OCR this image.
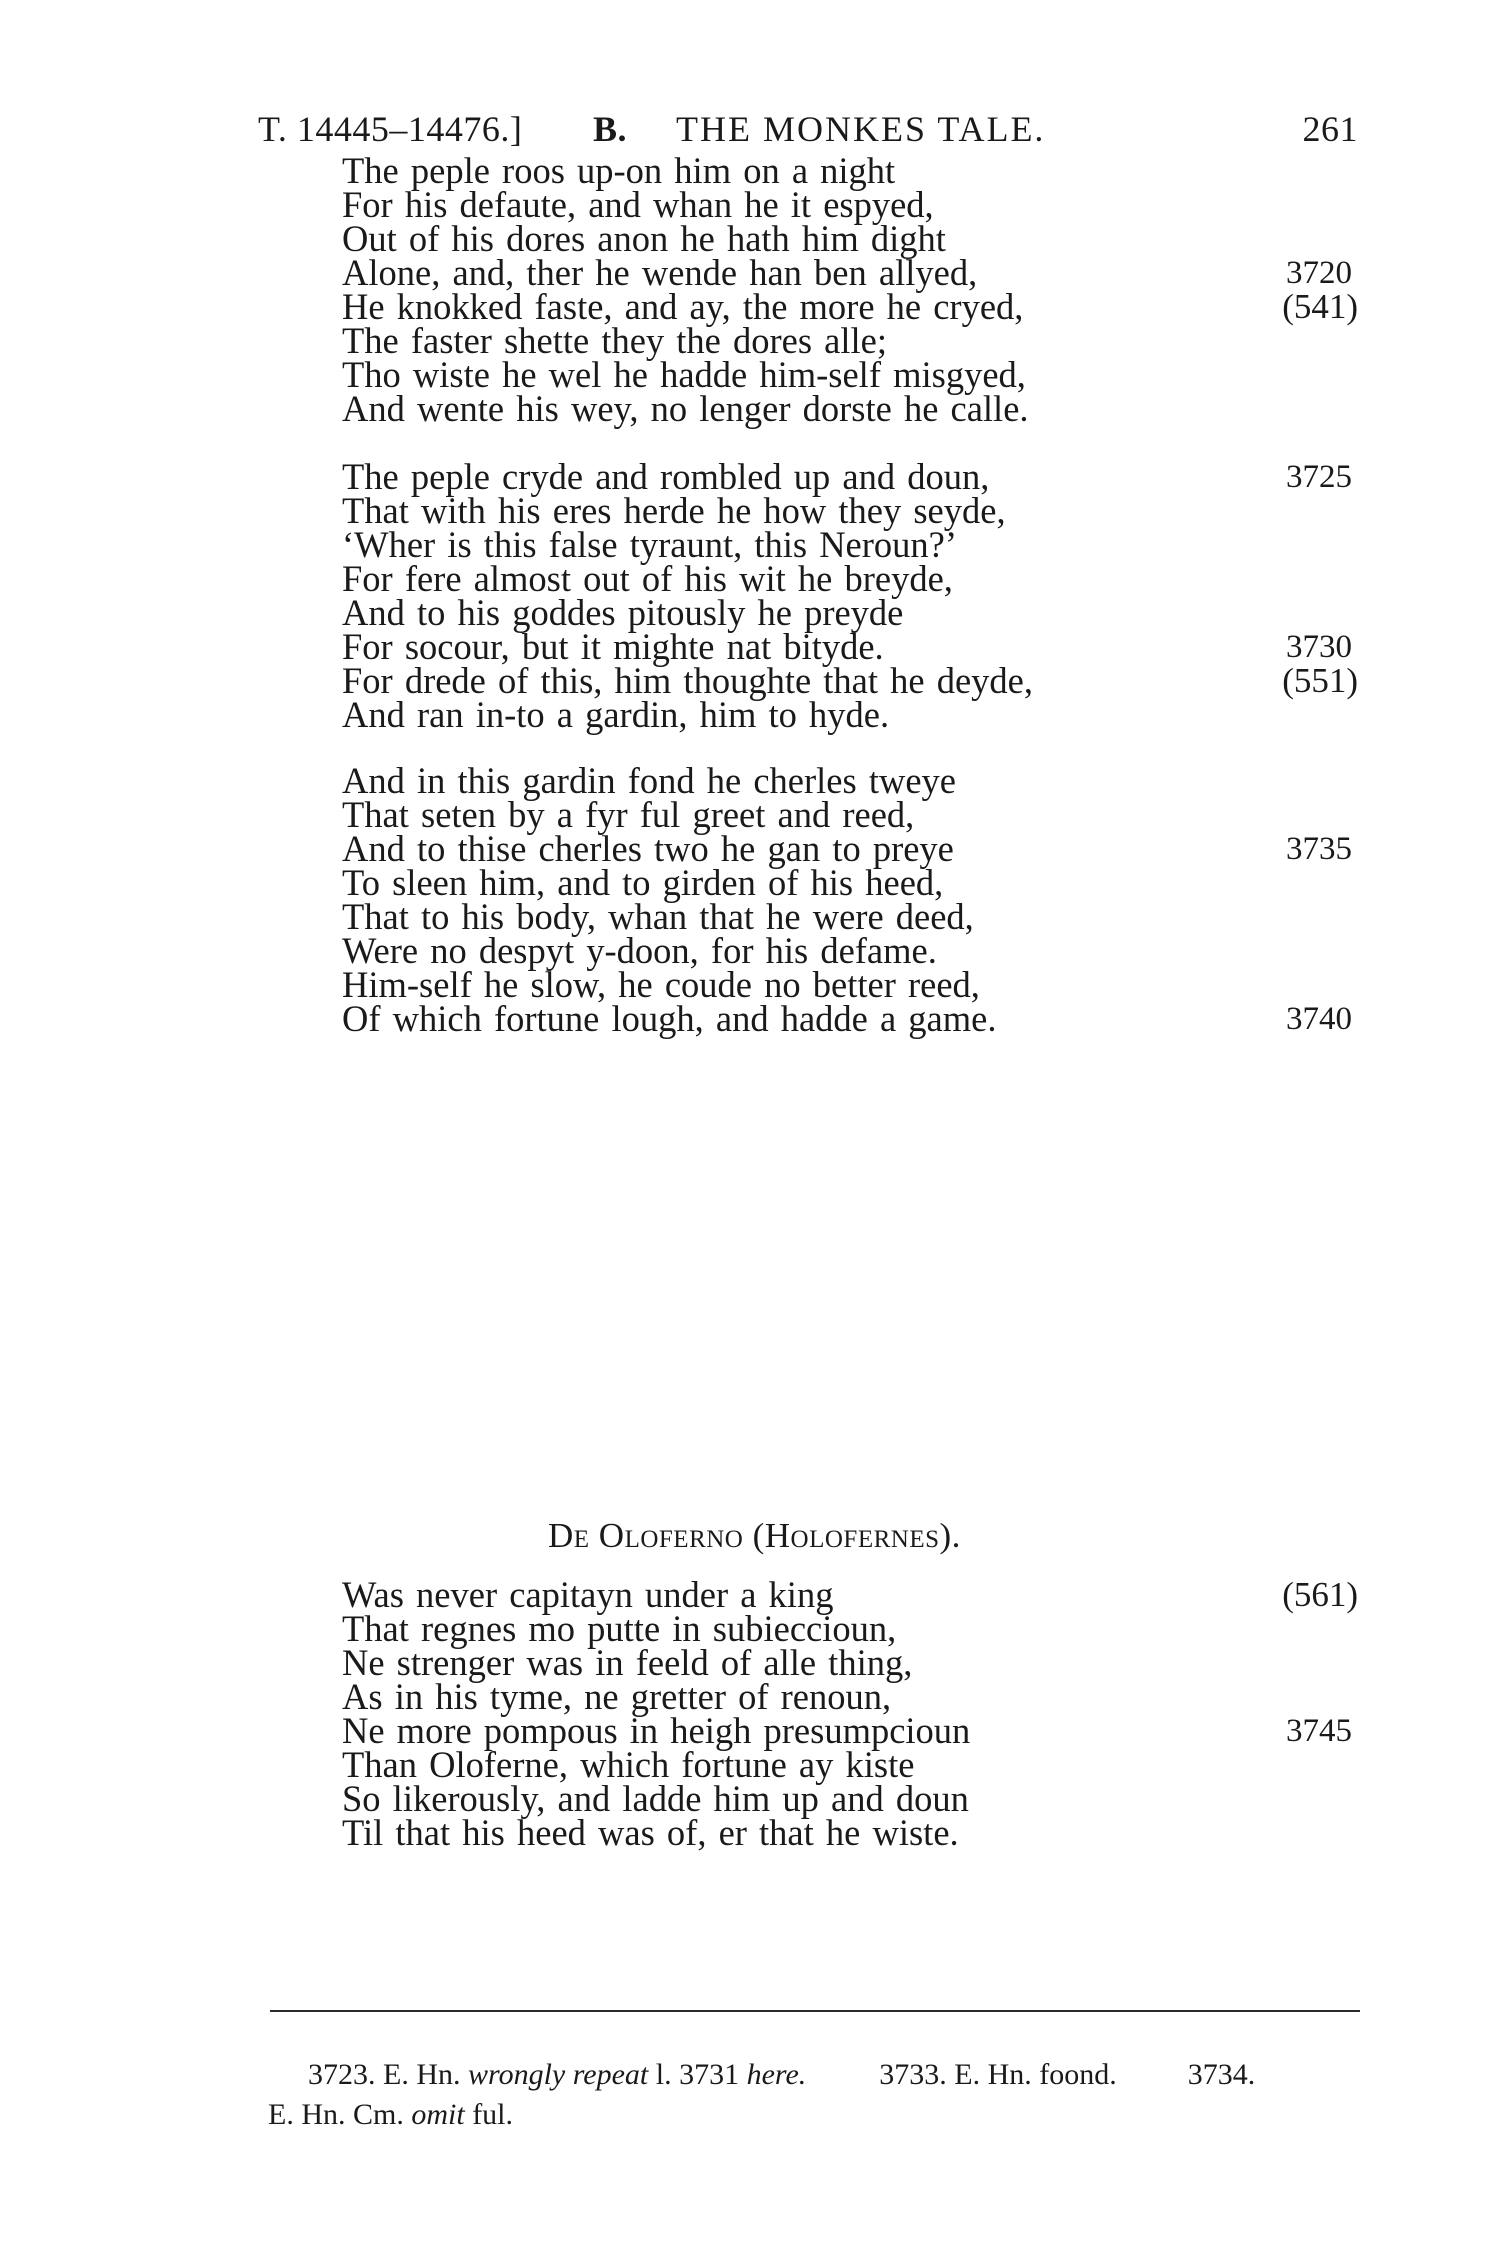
T. 14445–14476.] B. THE MONKES TALE.	261
The peple roos up-on him on a night
For his defaute, and whan he it espyed,
Out of his dores anon he hath him dight
Alone, and, ther he wende han ben allyed,	3720
He knokked faste, and ay, the more he cryed,	(541)
The faster shette they the dores alle;
Tho wiste he wel he hadde him-self misgyed,
And wente his wey, no lenger dorste he calle.
The peple cryde and rombled up and doun,	3725
That with his eres herde he how they seyde,
‘Wher is this false tyraunt, this Neroun?’
For fere almost out of his wit he breyde,
And to his goddes pitously he preyde
For socour, but it mighte nat bityde.	3730
For drede of this, him thoughte that he deyde,	(551)
And ran in-to a gardin, him to hyde.
And in this gardin fond he cherles tweye
That seten by a fyr ful greet and reed,
And to thise cherles two he gan to preye	3735
To sleen him, and to girden of his heed,
That to his body, whan that he were deed,
Were no despyt y-doon, for his defame.
Him-self he slow, he coude no better reed,
Of which fortune lough, and hadde a game.	3740
De Oloferno (Holofernes).
Was never capitayn under a king	(561)
That regnes mo putte in subieccioun,
Ne strenger was in feeld of alle thing,
As in his tyme, ne gretter of renoun,
Ne more pompous in heigh presumpcioun	3745
Than Oloferne, which fortune ay kiste
So likerously, and ladde him up and doun
Til that his heed was of, er that he wiste.
3723. E. Hn. wrongly repeat l. 3731 here. 3733. E. Hn. foond. 3734.
E. Hn. Cm. omit ful.
